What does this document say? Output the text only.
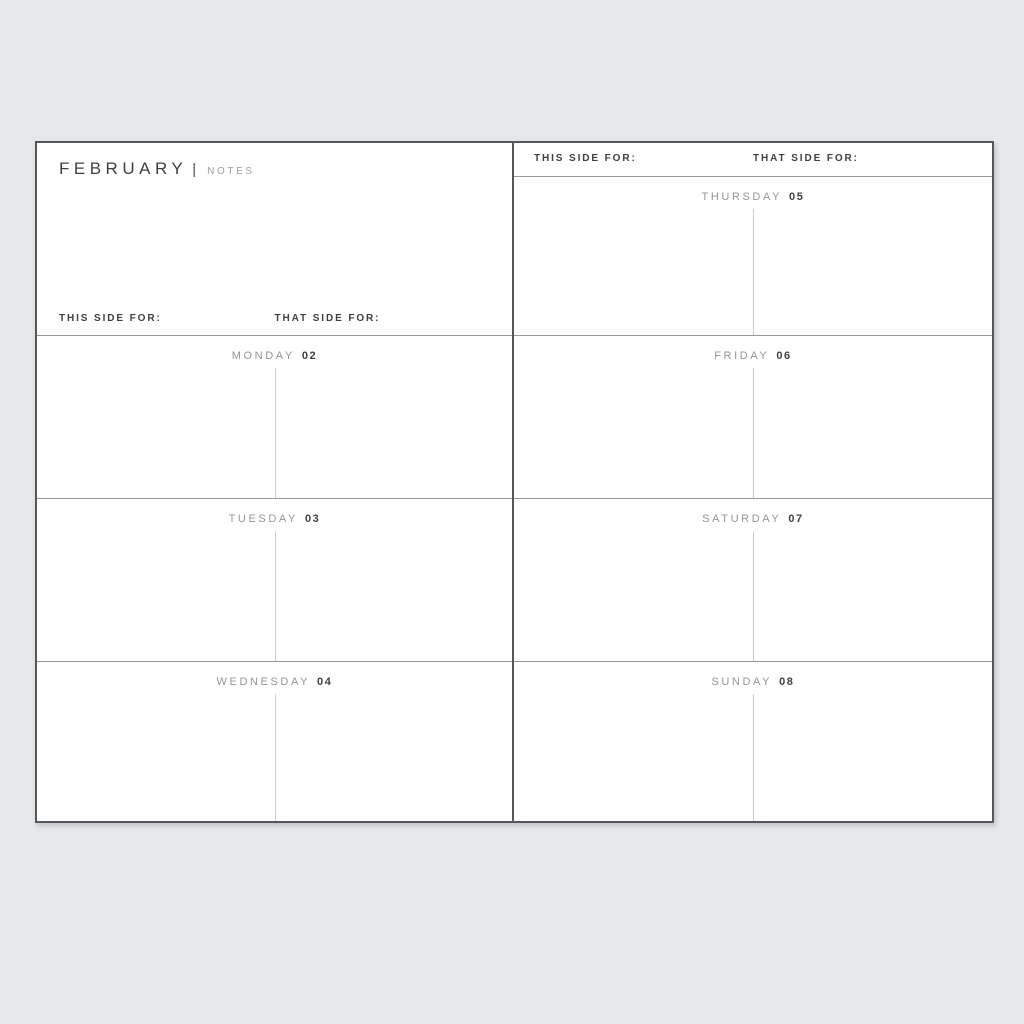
FEBRUARY | NOTES
THIS SIDE FOR:	THAT SIDE FOR:
MONDAY 02
TUESDAY 03
WEDNESDAY 04
THIS SIDE FOR:	THAT SIDE FOR:
THURSDAY 05
FRIDAY 06
SATURDAY 07
SUNDAY 08
